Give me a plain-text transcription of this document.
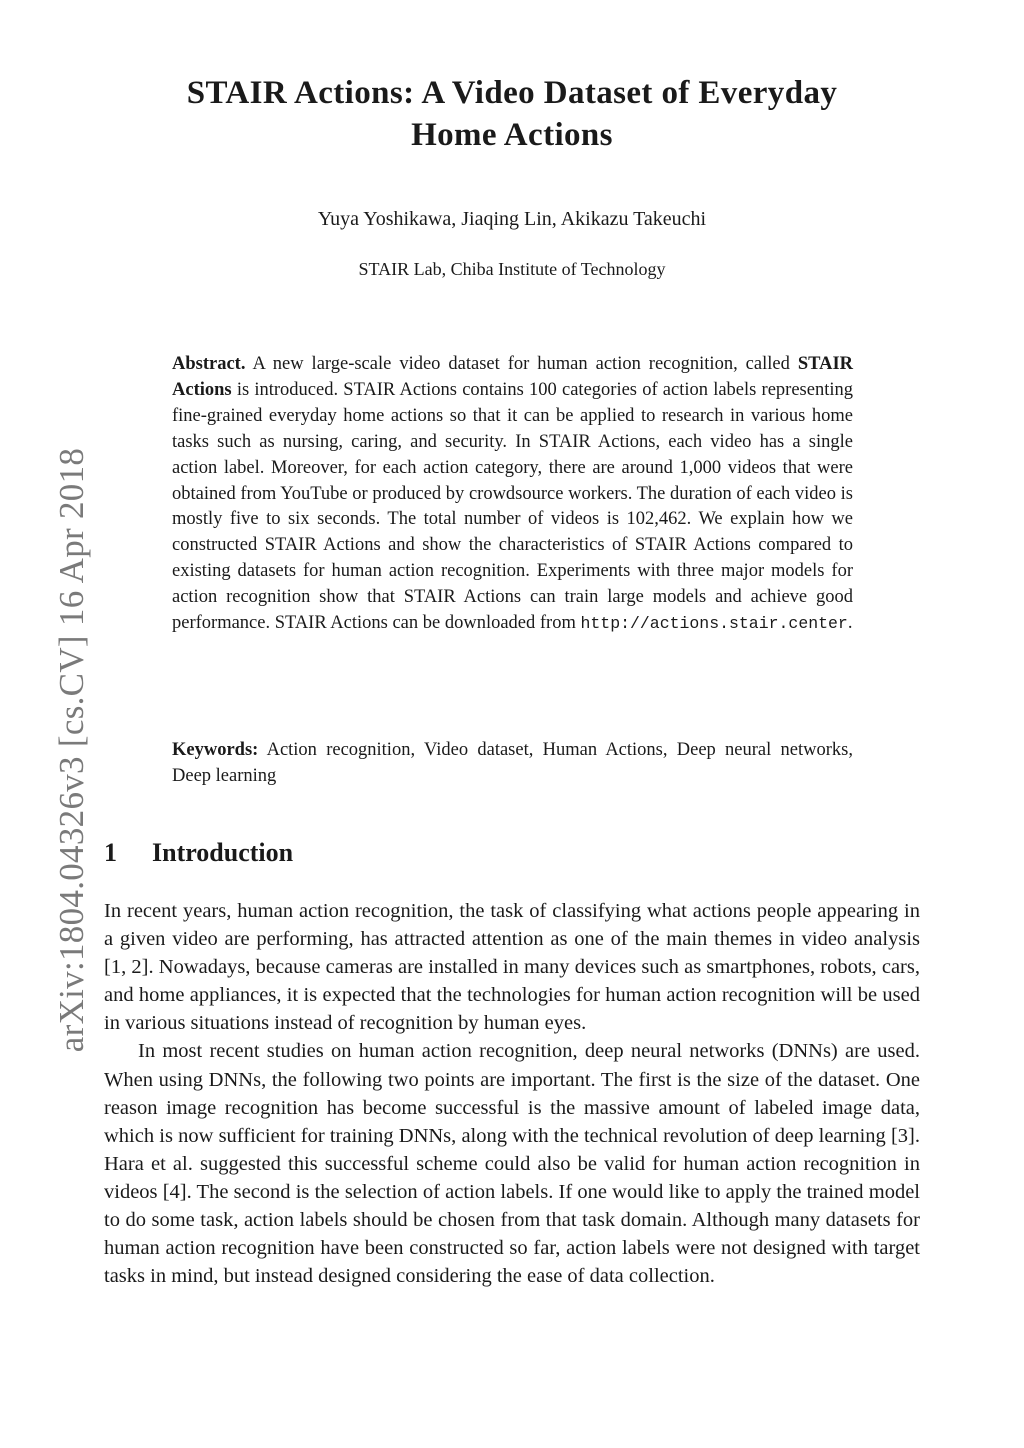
arXiv:1804.04326v3 [cs.CV] 16 Apr 2018
STAIR Actions: A Video Dataset of Everyday
Home Actions
Yuya Yoshikawa, Jiaqing Lin, Akikazu Takeuchi
STAIR Lab, Chiba Institute of Technology
Abstract. A new large-scale video dataset for human action recognition, called STAIR Actions is introduced. STAIR Actions contains 100 categories of action labels representing fine-grained everyday home actions so that it can be applied to research in various home tasks such as nursing, caring, and security. In STAIR Actions, each video has a single action label. Moreover, for each action category, there are around 1,000 videos that were obtained from YouTube or produced by crowdsource workers. The duration of each video is mostly five to six seconds. The total number of videos is 102,462. We explain how we constructed STAIR Actions and show the characteristics of STAIR Actions compared to existing datasets for human action recognition. Experiments with three major models for action recognition show that STAIR Actions can train large models and achieve good performance. STAIR Actions can be downloaded from http://actions.stair.center.
Keywords: Action recognition, Video dataset, Human Actions, Deep neural networks, Deep learning
1 Introduction

In recent years, human action recognition, the task of classifying what actions people appearing in a given video are performing, has attracted attention as one of the main themes in video analysis [1, 2]. Nowadays, because cameras are installed in many devices such as smartphones, robots, cars, and home appliances, it is expected that the technologies for human action recognition will be used in various situations instead of recognition by human eyes.

In most recent studies on human action recognition, deep neural networks (DNNs) are used. When using DNNs, the following two points are important. The first is the size of the dataset. One reason image recognition has become successful is the massive amount of labeled image data, which is now sufficient for training DNNs, along with the technical revolution of deep learning [3]. Hara et al. suggested this successful scheme could also be valid for human action recognition in videos [4]. The second is the selection of action labels. If one would like to apply the trained model to do some task, action labels should be chosen from that task domain. Although many datasets for human action recognition have been constructed so far, action labels were not designed with target tasks in mind, but instead designed considering the ease of data collection.
